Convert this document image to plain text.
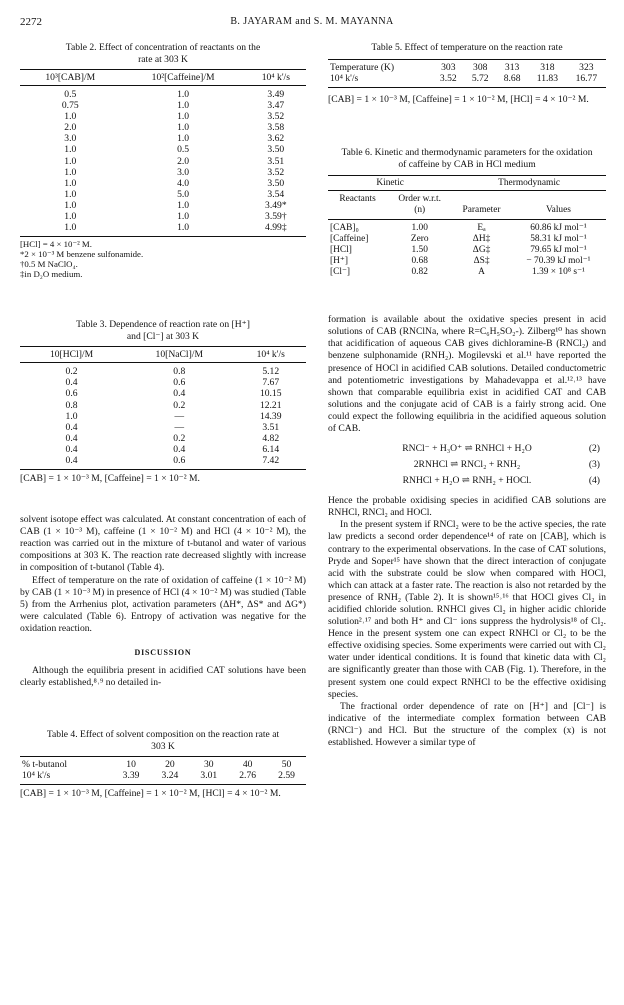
2272	B. JAYARAM and S. M. MAYANNA
Table 2. Effect of concentration of reactants on the
rate at 303 K
10³[CAB]/M	10²[Caffeine]/M	10⁴ k'/s
0.5	1.0	3.49
0.75	1.0	3.47
1.0	1.0	3.52
2.0	1.0	3.58
3.0	1.0	3.62
1.0	0.5	3.50
1.0	2.0	3.51
1.0	3.0	3.52
1.0	4.0	3.50
1.0	5.0	3.54
1.0	1.0	3.49*
1.0	1.0	3.59†
1.0	1.0	4.99‡
[HCl] = 4 × 10⁻² M.
*2 × 10⁻³ M benzene sulfonamide.
†0.5 M NaClO₄.
‡in D₂O medium.
Table 3. Dependence of reaction rate on [H⁺]
and [Cl⁻] at 303 K
10[HCl]/M	10[NaCl]/M	10⁴ k'/s
0.2	0.8	5.12
0.4	0.6	7.67
0.6	0.4	10.15
0.8	0.2	12.21
1.0	—	14.39
0.4	—	3.51
0.4	0.2	4.82
0.4	0.4	6.14
0.4	0.6	7.42
[CAB] = 1 × 10⁻³ M, [Caffeine] = 1 × 10⁻² M.

solvent isotope effect was calculated. At constant concentration of each of CAB (1 × 10⁻³ M), caffeine (1 × 10⁻² M) and HCl (4 × 10⁻² M), the reaction was carried out in the mixture of t-butanol and water of various compositions at 303 K. The reaction rate decreased slightly with increase in composition of t-butanol (Table 4).

Effect of temperature on the rate of oxidation of caffeine (1 × 10⁻² M) by CAB (1 × 10⁻³ M) in presence of HCl (4 × 10⁻² M) was studied (Table 5) from the Arrhenius plot, activation parameters (ΔH*, ΔS* and ΔG*) were calculated (Table 6). Entropy of activation was negative for the oxidation reaction.

DISCUSSION

Although the equilibria present in acidified CAT solutions have been clearly established,⁸˒⁹ no detailed in-

Table 4. Effect of solvent composition on the reaction rate at
303 K
% t-butanol	10	20	30	40	50
10⁴ k'/s	3.39	3.24	3.01	2.76	2.59
[CAB] = 1 × 10⁻³ M, [Caffeine] = 1 × 10⁻² M, [HCl] = 4 × 10⁻² M.
Table 5. Effect of temperature on the reaction rate
Temperature (K)	303	308	313	318	323
10⁴ k'/s	3.52	5.72	8.68	11.83	16.77
[CAB] = 1 × 10⁻³ M, [Caffeine] = 1 × 10⁻² M, [HCl] = 4 × 10⁻² M.
Table 6. Kinetic and thermodynamic parameters for the oxidation
of caffeine by CAB in HCl medium
Kinetic		Thermodynamic	
Reactants	Order w.r.t.	Parameter	Values
	(n)		
[CAB]₀	1.00	Eₐ	60.86 kJ mol⁻¹
[Caffeine]	Zero	ΔH‡	58.31 kJ mol⁻¹
[HCl]	1.50	ΔG‡	79.65 kJ mol⁻¹
[H⁺]	0.68	ΔS‡	− 70.39 kJ mol⁻¹
[Cl⁻]	0.82	A	1.39 × 10⁸ s⁻¹

formation is available about the oxidative species present in acid solutions of CAB (RNClNa, where R=C₆H₅SO₂-). Zilberg¹⁰ has shown that acidification of aqueous CAB gives dichloramine-B (RNCl₂) and benzene sulphonamide (RNH₂). Mogilevski et al.¹¹ have reported the presence of HOCl in acidified CAB solutions. Detailed conductometric and potentiometric investigations by Mahadevappa et al.¹²˒¹³ have shown that comparable equilibria exist in acidified CAT and CAB solutions and the conjugate acid of CAB is a fairly strong acid. One could expect the following equilibria in the acidified aqueous solution of CAB.

RNCl⁻ + H₃O⁺ ⇌ RNHCl + H₂O	(2)
2RNHCl ⇌ RNCl₂ + RNH₂	(3)
RNHCl + H₂O ⇌ RNH₂ + HOCl.	(4)

Hence the probable oxidising species in acidified CAB solutions are RNHCl, RNCl₂ and HOCl.

In the present system if RNCl₂ were to be the active species, the rate law predicts a second order dependence¹⁴ of rate on [CAB], which is contrary to the experimental observations. In the case of CAT solutions, Pryde and Soper¹⁵ have shown that the direct interaction of conjugate acid with the substrate could be slow when compared with HOCl, which can attack at a faster rate. The reaction is also not retarded by the presence of RNH₂ (Table 2). It is shown¹⁵˒¹⁶ that HOCl gives Cl₂ in acidified chloride solution. RNHCl gives Cl₂ in higher acidic chloride solution²˒¹⁷ and both H⁺ and Cl⁻ ions suppress the hydrolysis¹⁸ of Cl₂. Hence in the present system one can expect RNHCl or Cl₂ to be the effective oxidising species. Some experiments were carried out with Cl₂ water under identical conditions. It is found that kinetic data with Cl₂ are significantly greater than those with CAB (Fig. 1). Therefore, in the present system one could expect RNHCl to be the effective oxidising species.

The fractional order dependence of rate on [H⁺] and [Cl⁻] is indicative of the intermediate complex formation between CAB (RNCl⁻) and HCl. But the structure of the complex (x) is not established. However a similar type of
